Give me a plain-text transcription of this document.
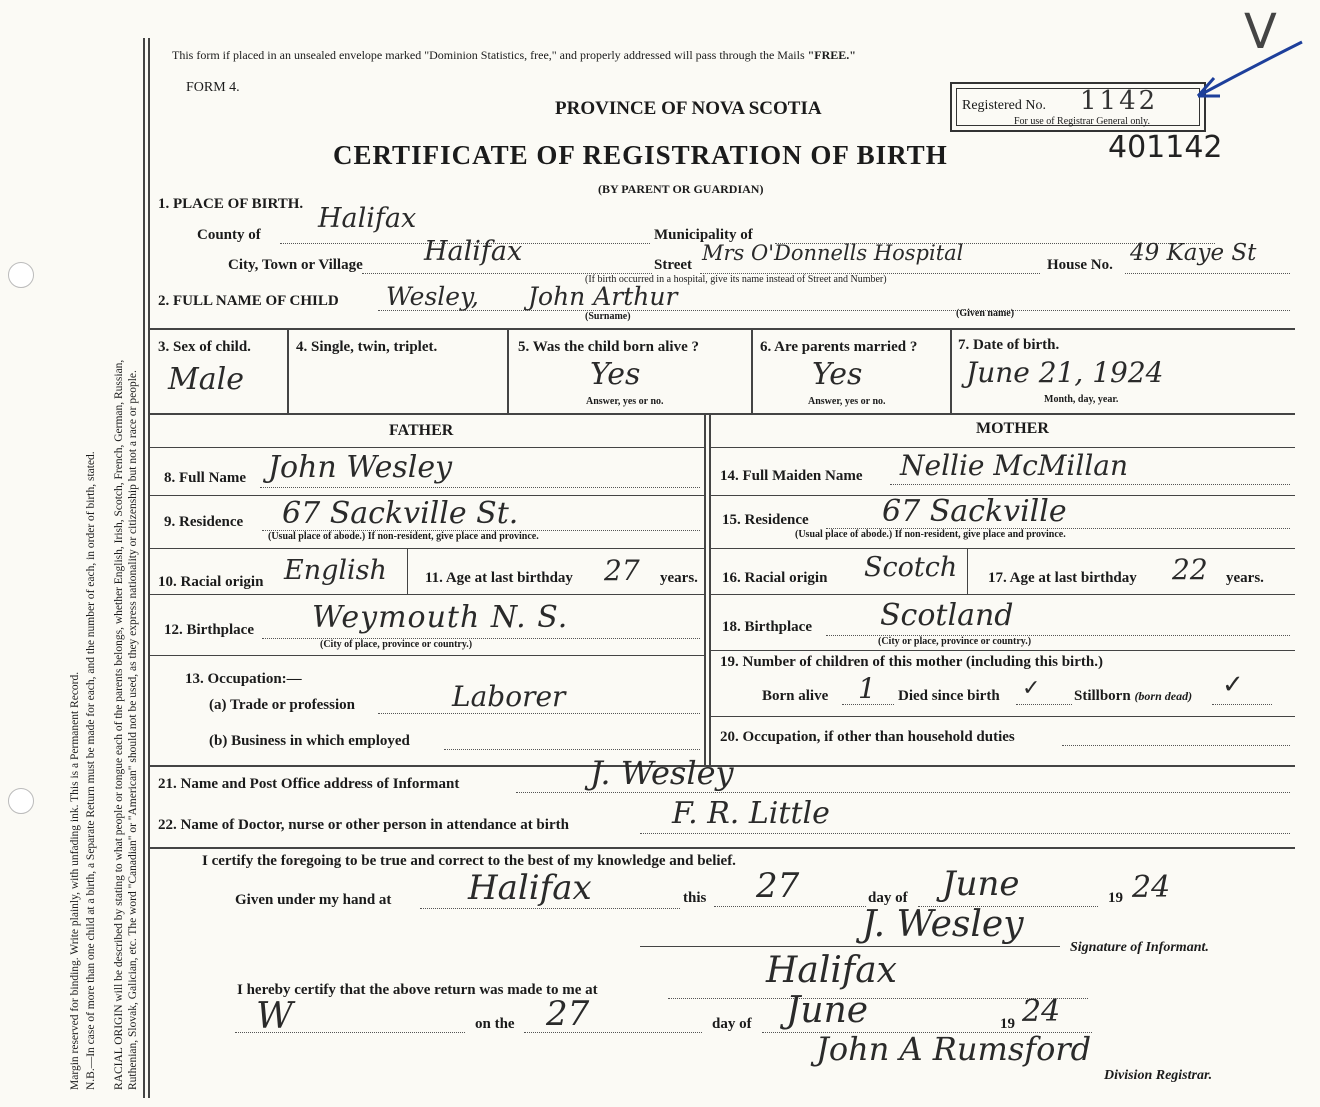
Margin reserved for binding. Write plainly, with unfading ink. This is a Permanent Record. N.B.—In case of more than one child at a birth, a Separate Return must be made for each, and the number of each, in order of birth, stated. RACIAL ORIGIN will be described by stating to what people or tongue each of the parents belongs, whether English, Irish, Scotch, French, German, Russian, Ruthenian, Slovak, Galician, etc. The word "Canadian" or "American" should not be used, as they express nationality or citizenship but not a race or people.
This form if placed in an unsealed envelope marked "Dominion Statistics, free," and properly addressed will pass through the Mails "FREE."
FORM 4.
PROVINCE OF NOVA SCOTIA	Registered No. 1142
For use of Registrar General only.
V
CERTIFICATE OF REGISTRATION OF BIRTH	401142
(BY PARENT OR GUARDIAN)
1. PLACE OF BIRTH.
County of
Halifax
Municipality of
City, Town or Village Halifax
(If birth occurred in a hospital, give its name instead of Street and Number)
Street Mrs O'Donnells Hospital	House No. 49 Kaye St
2. FULL NAME OF CHILD Wesley, John Arthur
(Surname)	(Given name)
3. Sex of child.
Male
4. Single, twin, triplet.	5. Was the child born alive ?
Yes
Answer, yes or no.
6. Are parents married ?
Yes
Answer, yes or no.
7. Date of birth.
June 21, 1924
Month, day, year.
FATHER	MOTHER
8. Full Name John Wesley
9. Residence 67 Sackville St.
(Usual place of abode.) If non-resident, give place and province.
10. Racial origin English	11. Age at last birthday 27 years.
12. Birthplace Weymouth N. S.
(City of place, province or country.)
13. Occupation:—
(a) Trade or profession	Laborer
(b) Business in which employed
14. Full Maiden Name Nellie McMillan
15. Residence 67 Sackville
(Usual place of abode.) If non-resident, give place and province.
16. Racial origin Scotch 17. Age at last birthday 22 years.
18. Birthplace Scotland
(City or place, province or country.)
19. Number of children of this mother (including this birth.)
Born alive 1 Died since birth ✓ Stillborn (born dead) ✓
20. Occupation, if other than household duties
21. Name and Post Office address of Informant	J. Wesley
22. Name of Doctor, nurse or other person in attendance at birth	F. R. Little
I certify the foregoing to be true and correct to the best of my knowledge and belief.
Given under my hand at Halifax	this 27	day of June	19 24
J. Wesley
Signature of Informant.
I hereby certify that the above return was made to me at	Halifax
W	on the 27	day of June	19 24
John A Rumsford
Division Registrar.
